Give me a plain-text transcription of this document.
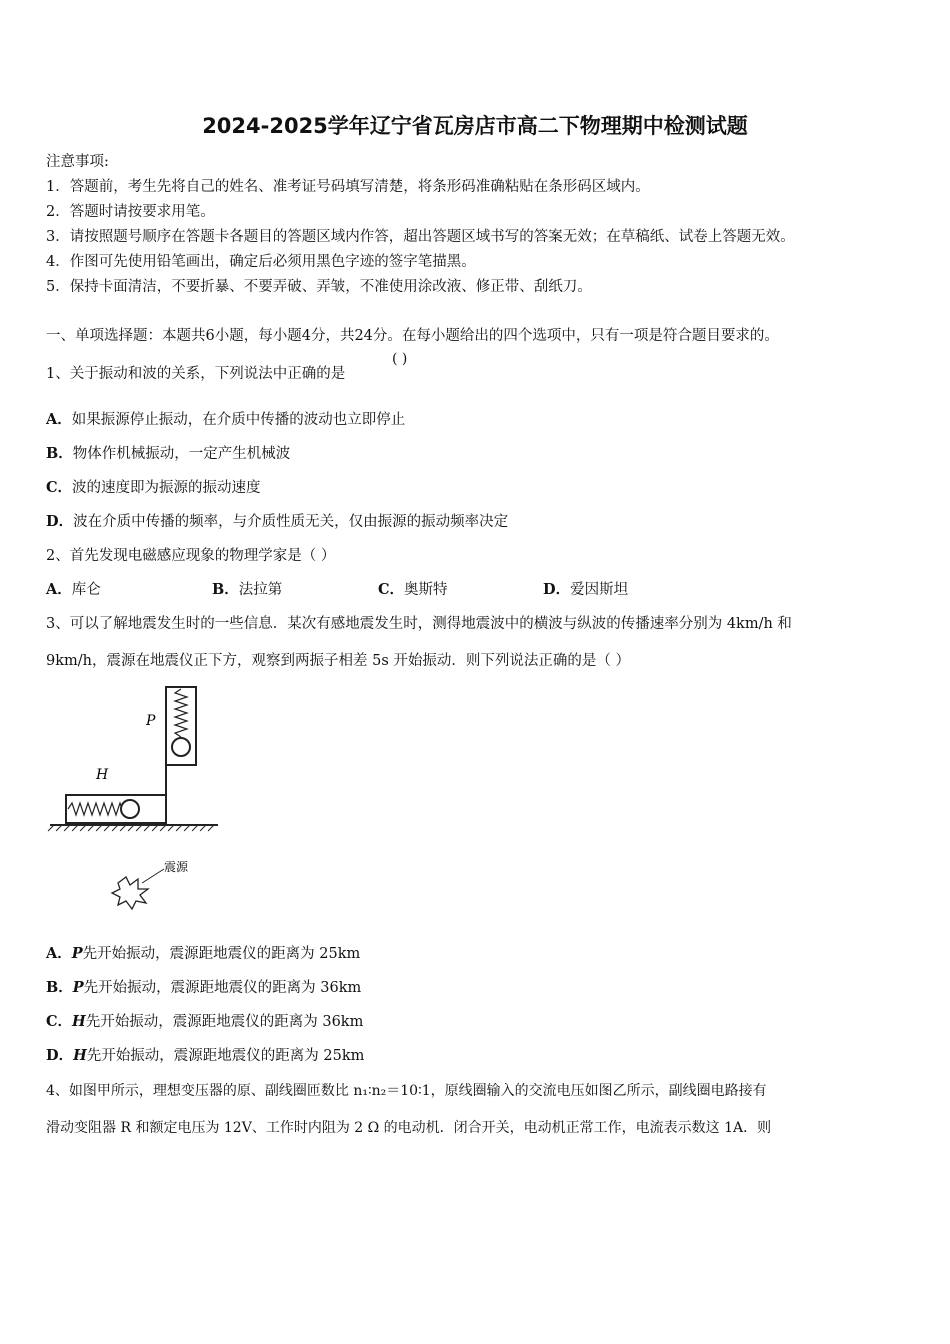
2024-2025学年辽宁省瓦房店市高二下物理期中检测试题
注意事项:
1．答题前，考生先将自己的姓名、准考证号码填写清楚，将条形码准确粘贴在条形码区域内。
2．答题时请按要求用笔。
3．请按照题号顺序在答题卡各题目的答题区域内作答，超出答题区域书写的答案无效；在草稿纸、试卷上答题无效。
4．作图可先使用铅笔画出，确定后必须用黑色字迹的签字笔描黑。
5．保持卡面清洁，不要折暴、不要弄破、弄皱，不准使用涂改液、修正带、刮纸刀。
一、单项选择题：本题共6小题，每小题4分，共24分。在每小题给出的四个选项中，只有一项是符合题目要求的。
1、关于振动和波的关系，下列说法中正确的是
( )
A．如果振源停止振动，在介质中传播的波动也立即停止
B．物体作机械振动，一定产生机械波
C．波的速度即为振源的振动速度
D．波在介质中传播的频率，与介质性质无关，仅由振源的振动频率决定
2、首先发现电磁感应现象的物理学家是（ ）
A．库仑	B．法拉第	C．奥斯特	D．爱因斯坦
3、可以了解地震发生时的一些信息．某次有感地震发生时，测得地震波中的横波与纵波的传播速率分别为 4km/h 和
9km/h，震源在地震仪正下方，观察到两振子相差 5s 开始振动．则下列说法正确的是（ ）
P
H
震源
A．P先开始振动，震源距地震仪的距离为 25km
B．P先开始振动，震源距地震仪的距离为 36km
C．H先开始振动，震源距地震仪的距离为 36km
D．H先开始振动，震源距地震仪的距离为 25km
4、如图甲所示，理想变压器的原、副线圈匝数比 n₁∶n₂＝10∶1，原线圈输入的交流电压如图乙所示，副线圈电路接有
滑动变阻器 R 和额定电压为 12V、工作时内阻为 2 Ω 的电动机．闭合开关，电动机正常工作，电流表示数这 1A．则
